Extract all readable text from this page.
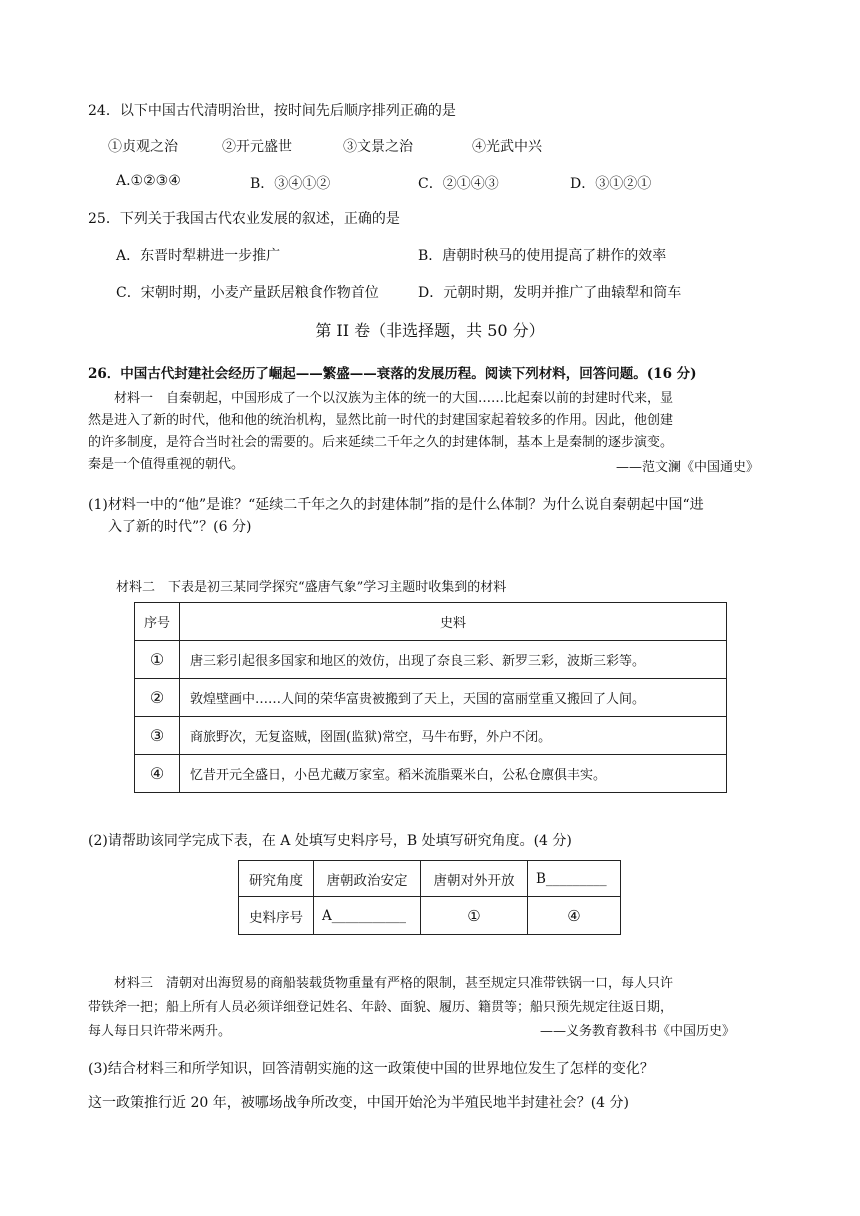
24．以下中国古代清明治世，按时间先后顺序排列正确的是
①贞观之治	②开元盛世	③文景之治	④光武中兴
A.①②③④	B．③④①②	C．②①④③	D．③①②①
25．下列关于我国古代农业发展的叙述，正确的是
A．东晋时犁耕进一步推广	B．唐朝时秧马的使用提高了耕作的效率
C．宋朝时期，小麦产量跃居粮食作物首位	D．元朝时期，发明并推广了曲辕犁和筒车
第 II 卷（非选择题，共 50 分）
26．中国古代封建社会经历了崛起——繁盛——衰落的发展历程。阅读下列材料，回答问题。(16 分)
材料一　自秦朝起，中国形成了一个以汉族为主体的统一的大国……比起秦以前的封建时代来，显
然是进入了新的时代，他和他的统治机构，显然比前一时代的封建国家起着较多的作用。因此，他创建
的许多制度，是符合当时社会的需要的。后来延续二千年之久的封建体制，基本上是秦制的逐步演变。
秦是一个值得重视的朝代。	——范文澜《中国通史》
(1)材料一中的“他”是谁？“延续二千年之久的封建体制”指的是什么体制？为什么说自秦朝起中国“进
入了新的时代”？(6 分)
材料二　下表是初三某同学探究“盛唐气象”学习主题时收集到的材料
序号	史料
①	唐三彩引起很多国家和地区的效仿，出现了奈良三彩、新罗三彩，波斯三彩等。
②	敦煌壁画中……人间的荣华富贵被搬到了天上，天国的富丽堂重又搬回了人间。
③	商旅野次，无复盗贼，囹圄(监狱)常空，马牛布野，外户不闭。
④	忆昔开元全盛日，小邑尤藏万家室。稻米流脂粟米白，公私仓廪俱丰实。
(2)请帮助该同学完成下表，在 A 处填写史料序号，B 处填写研究角度。(4 分)
研究角度	唐朝政治安定	唐朝对外开放	B_________
史料序号	A___________	①	④
材料三　清朝对出海贸易的商船装载货物重量有严格的限制，甚至规定只准带铁锅一口，每人只许
带铁斧一把；船上所有人员必须详细登记姓名、年龄、面貌、履历、籍贯等；船只预先规定往返日期，
每人每日只许带米两升。	——义务教育教科书《中国历史》
(3)结合材料三和所学知识，回答清朝实施的这一政策使中国的世界地位发生了怎样的变化？
这一政策推行近 20 年，被哪场战争所改变，中国开始沦为半殖民地半封建社会？(4 分)
